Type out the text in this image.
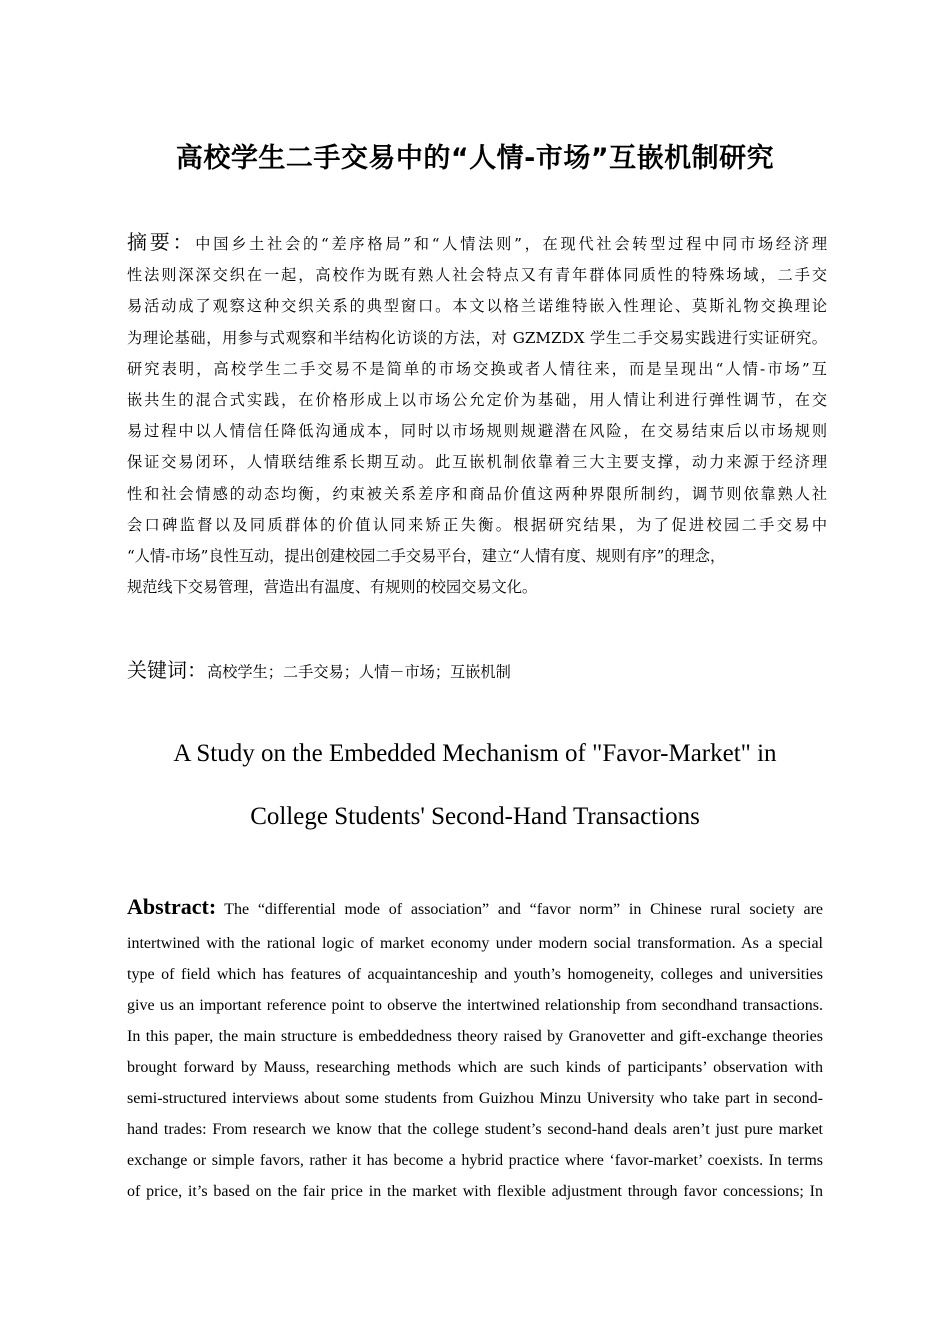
高校学生二手交易中的“人情-市场”互嵌机制研究
摘要：中国乡土社会的“差序格局”和“人情法则”，在现代社会转型过程中同市场经济理
性法则深深交织在一起，高校作为既有熟人社会特点又有青年群体同质性的特殊场域，二手交
易活动成了观察这种交织关系的典型窗口。本文以格兰诺维特嵌入性理论、莫斯礼物交换理论
为理论基础，用参与式观察和半结构化访谈的方法，对 GZMZDX 学生二手交易实践进行实证研究。
研究表明，高校学生二手交易不是简单的市场交换或者人情往来，而是呈现出“人情-市场”互
嵌共生的混合式实践，在价格形成上以市场公允定价为基础，用人情让利进行弹性调节，在交
易过程中以人情信任降低沟通成本，同时以市场规则规避潜在风险，在交易结束后以市场规则
保证交易闭环，人情联结维系长期互动。此互嵌机制依靠着三大主要支撑，动力来源于经济理
性和社会情感的动态均衡，约束被关系差序和商品价值这两种界限所制约，调节则依靠熟人社
会口碑监督以及同质群体的价值认同来矫正失衡。根据研究结果，为了促进校园二手交易中
“人情-市场”良性互动，提出创建校园二手交易平台，建立“人情有度、规则有序”的理念，
规范线下交易管理，营造出有温度、有规则的校园交易文化。
关键词：高校学生；二手交易；人情－市场；互嵌机制
A Study on the Embedded Mechanism of "Favor-Market" in
College Students' Second-Hand Transactions
Abstract: The “differential mode of association” and “favor norm” in Chinese rural society are
intertwined with the rational logic of market economy under modern social transformation. As a special
type of field which has features of acquaintanceship and youth’s homogeneity, colleges and universities
give us an important reference point to observe the intertwined relationship from secondhand transactions.
In this paper, the main structure is embeddedness theory raised by Granovetter and gift-exchange theories
brought forward by Mauss, researching methods which are such kinds of participants’ observation with
semi-structured interviews about some students from Guizhou Minzu University who take part in second-
hand trades: From research we know that the college student’s second-hand deals aren’t just pure market
exchange or simple favors, rather it has become a hybrid practice where ‘favor-market’ coexists. In terms
of price, it’s based on the fair price in the market with flexible adjustment through favor concessions; In
